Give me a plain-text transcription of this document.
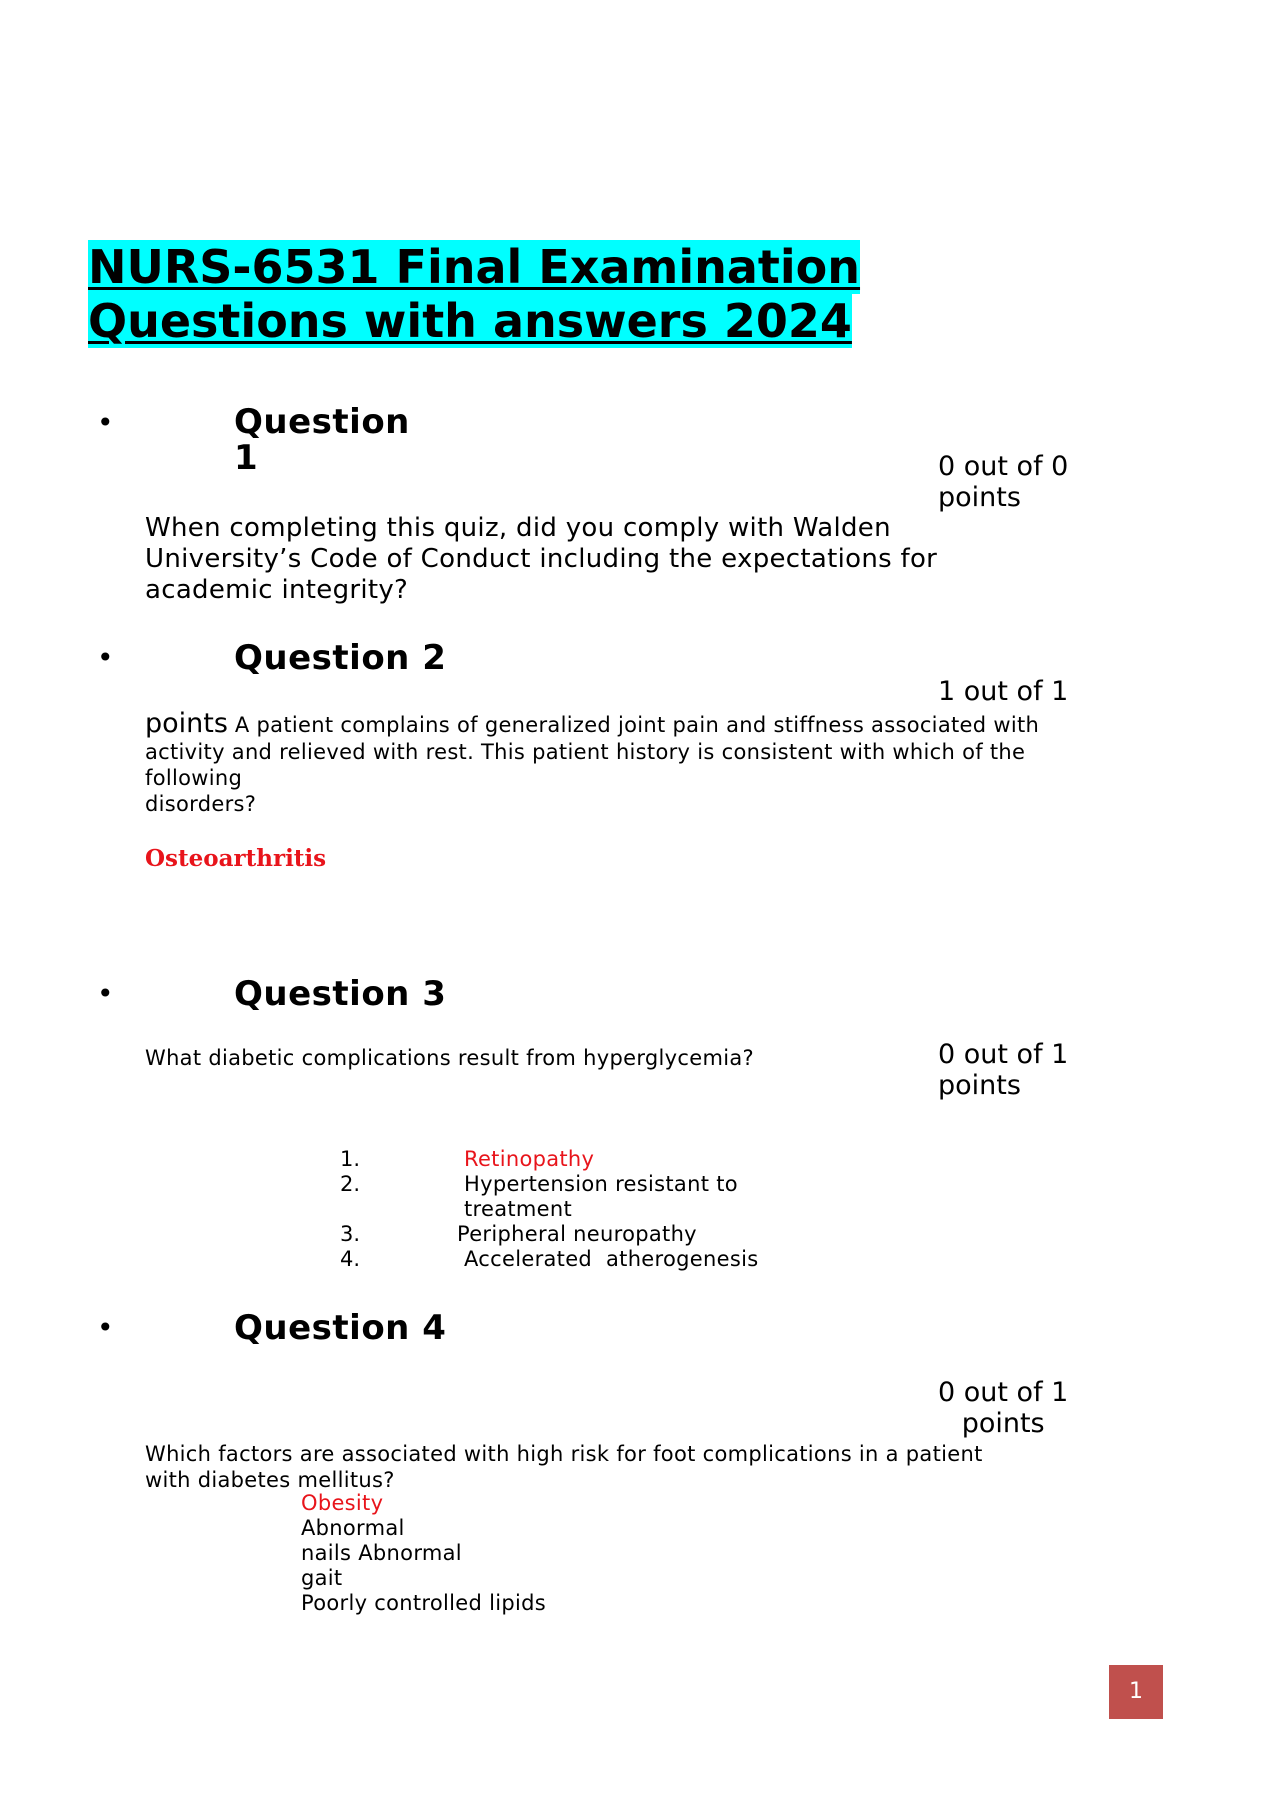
NURS-6531 Final Examination
Questions with answers 2024
•	Question
1	0 out of 0
points
When completing this quiz, did you comply with Walden
University’s Code of Conduct including the expectations for
academic integrity?
•	Question 2
1 out of 1
points A patient complains of generalized joint pain and stiffness associated with
activity and relieved with rest. This patient history is consistent with which of the
following
disorders?
Osteoarthritis
•	Question 3
What diabetic complications result from hyperglycemia?	0 out of 1
points
1.	Retinopathy
2.	Hypertension resistant to
treatment
3.	Peripheral neuropathy
4.	Accelerated  atherogenesis
•	Question 4
0 out of 1
points
Which factors are associated with high risk for foot complications in a patient
with diabetes mellitus?
Obesity
Abnormal
nails Abnormal
gait
Poorly controlled lipids
1
